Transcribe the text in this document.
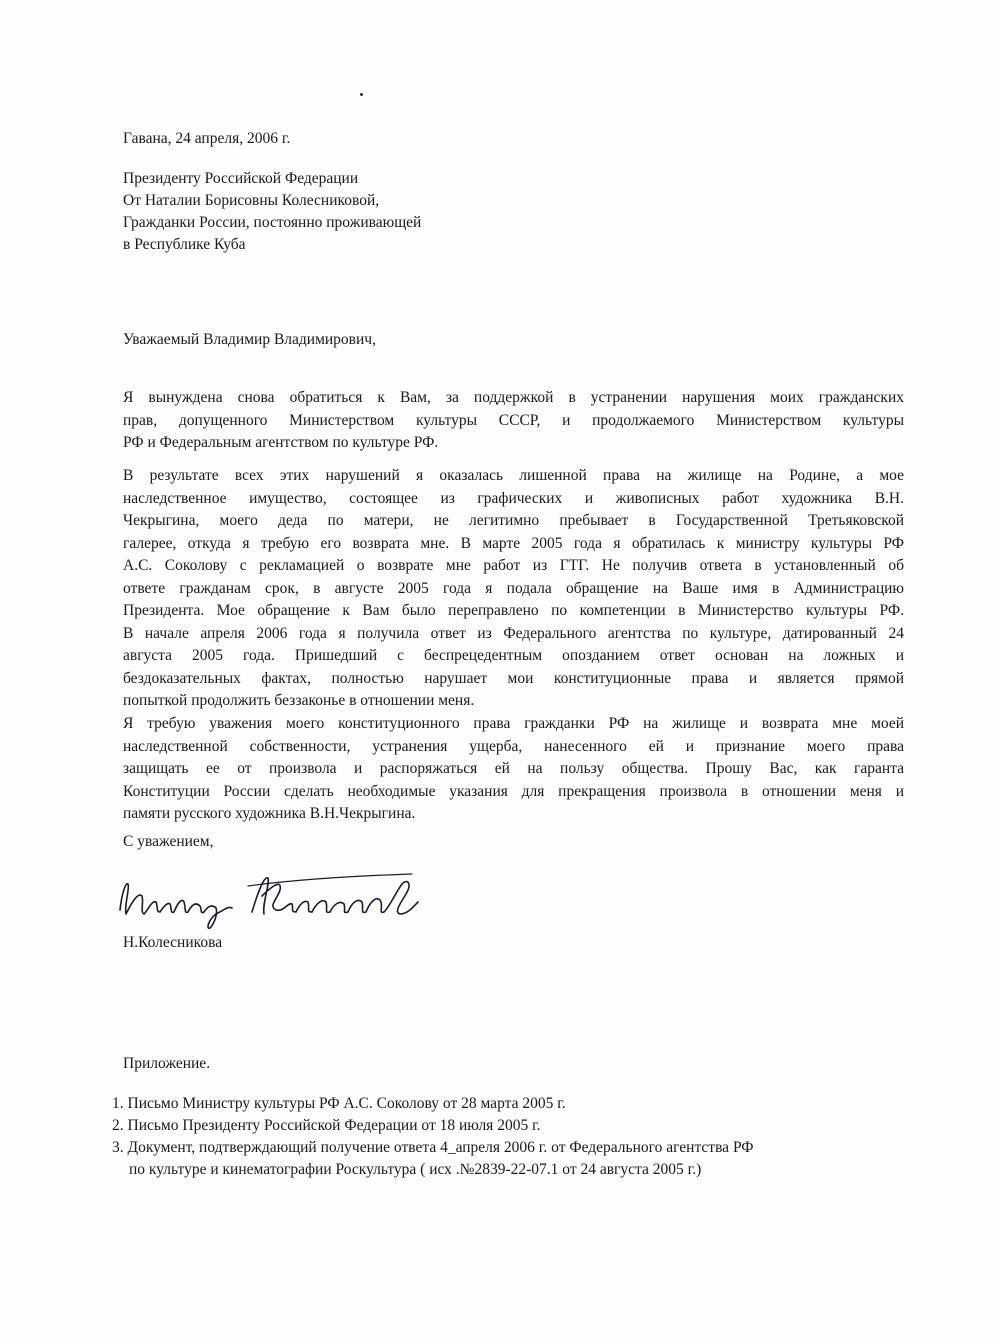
Гавана, 24 апреля, 2006 г.
Президенту Российской Федерации
От Наталии Борисовны Колесниковой,
Гражданки России, постоянно проживающей
в Республике Куба
Уважаемый Владимир Владимирович,
Я вынуждена снова обратиться к Вам, за поддержкой в устранении нарушения моих гражданских
прав, допущенного Министерством культуры СССР, и продолжаемого Министерством культуры
РФ и Федеральным агентством по культуре РФ.
В результате всех этих нарушений я оказалась лишенной права на жилище на Родине, а мое
наследственное имущество, состоящее из графических и живописных работ художника В.Н.
Чекрыгина, моего деда по матери, не легитимно пребывает в Государственной Третьяковской
галерее, откуда я требую его возврата мне. В марте 2005 года я обратилась к министру культуры РФ
А.С. Соколову с рекламацией о возврате мне работ из ГТГ. Не получив ответа в установленный об
ответе гражданам срок, в августе 2005 года я подала обращение на Ваше имя в Администрацию
Президента. Мое обращение к Вам было переправлено по компетенции в Министерство культуры РФ.
В начале апреля 2006 года я получила ответ из Федерального агентства по культуре, датированный 24
августа 2005 года. Пришедший с беспрецедентным опозданием ответ основан на ложных и
бездоказательных фактах, полностью нарушает мои конституционные права и является прямой
попыткой продолжить беззаконье в отношении меня.
Я требую уважения моего конституционного права гражданки РФ на жилище и возврата мне моей
наследственной собственности, устранения ущерба, нанесенного ей и признание моего права
защищать ее от произвола и распоряжаться ей на пользу общества. Прошу Вас, как гаранта
Конституции России сделать необходимые указания для прекращения произвола в отношении меня и
памяти русского художника В.Н.Чекрыгина.
С уважением,
Н.Колесникова
Приложение.
1. Письмо Министру культуры РФ А.С. Соколову от 28 марта 2005 г.
2. Письмо Президенту Российской Федерации от 18 июля 2005 г.
3. Документ, подтверждающий получение ответа 4_апреля 2006 г. от Федерального агентства РФ
по культуре и кинематографии Роскультура ( исх .№2839-22-07.1 от 24 августа 2005 г.)
